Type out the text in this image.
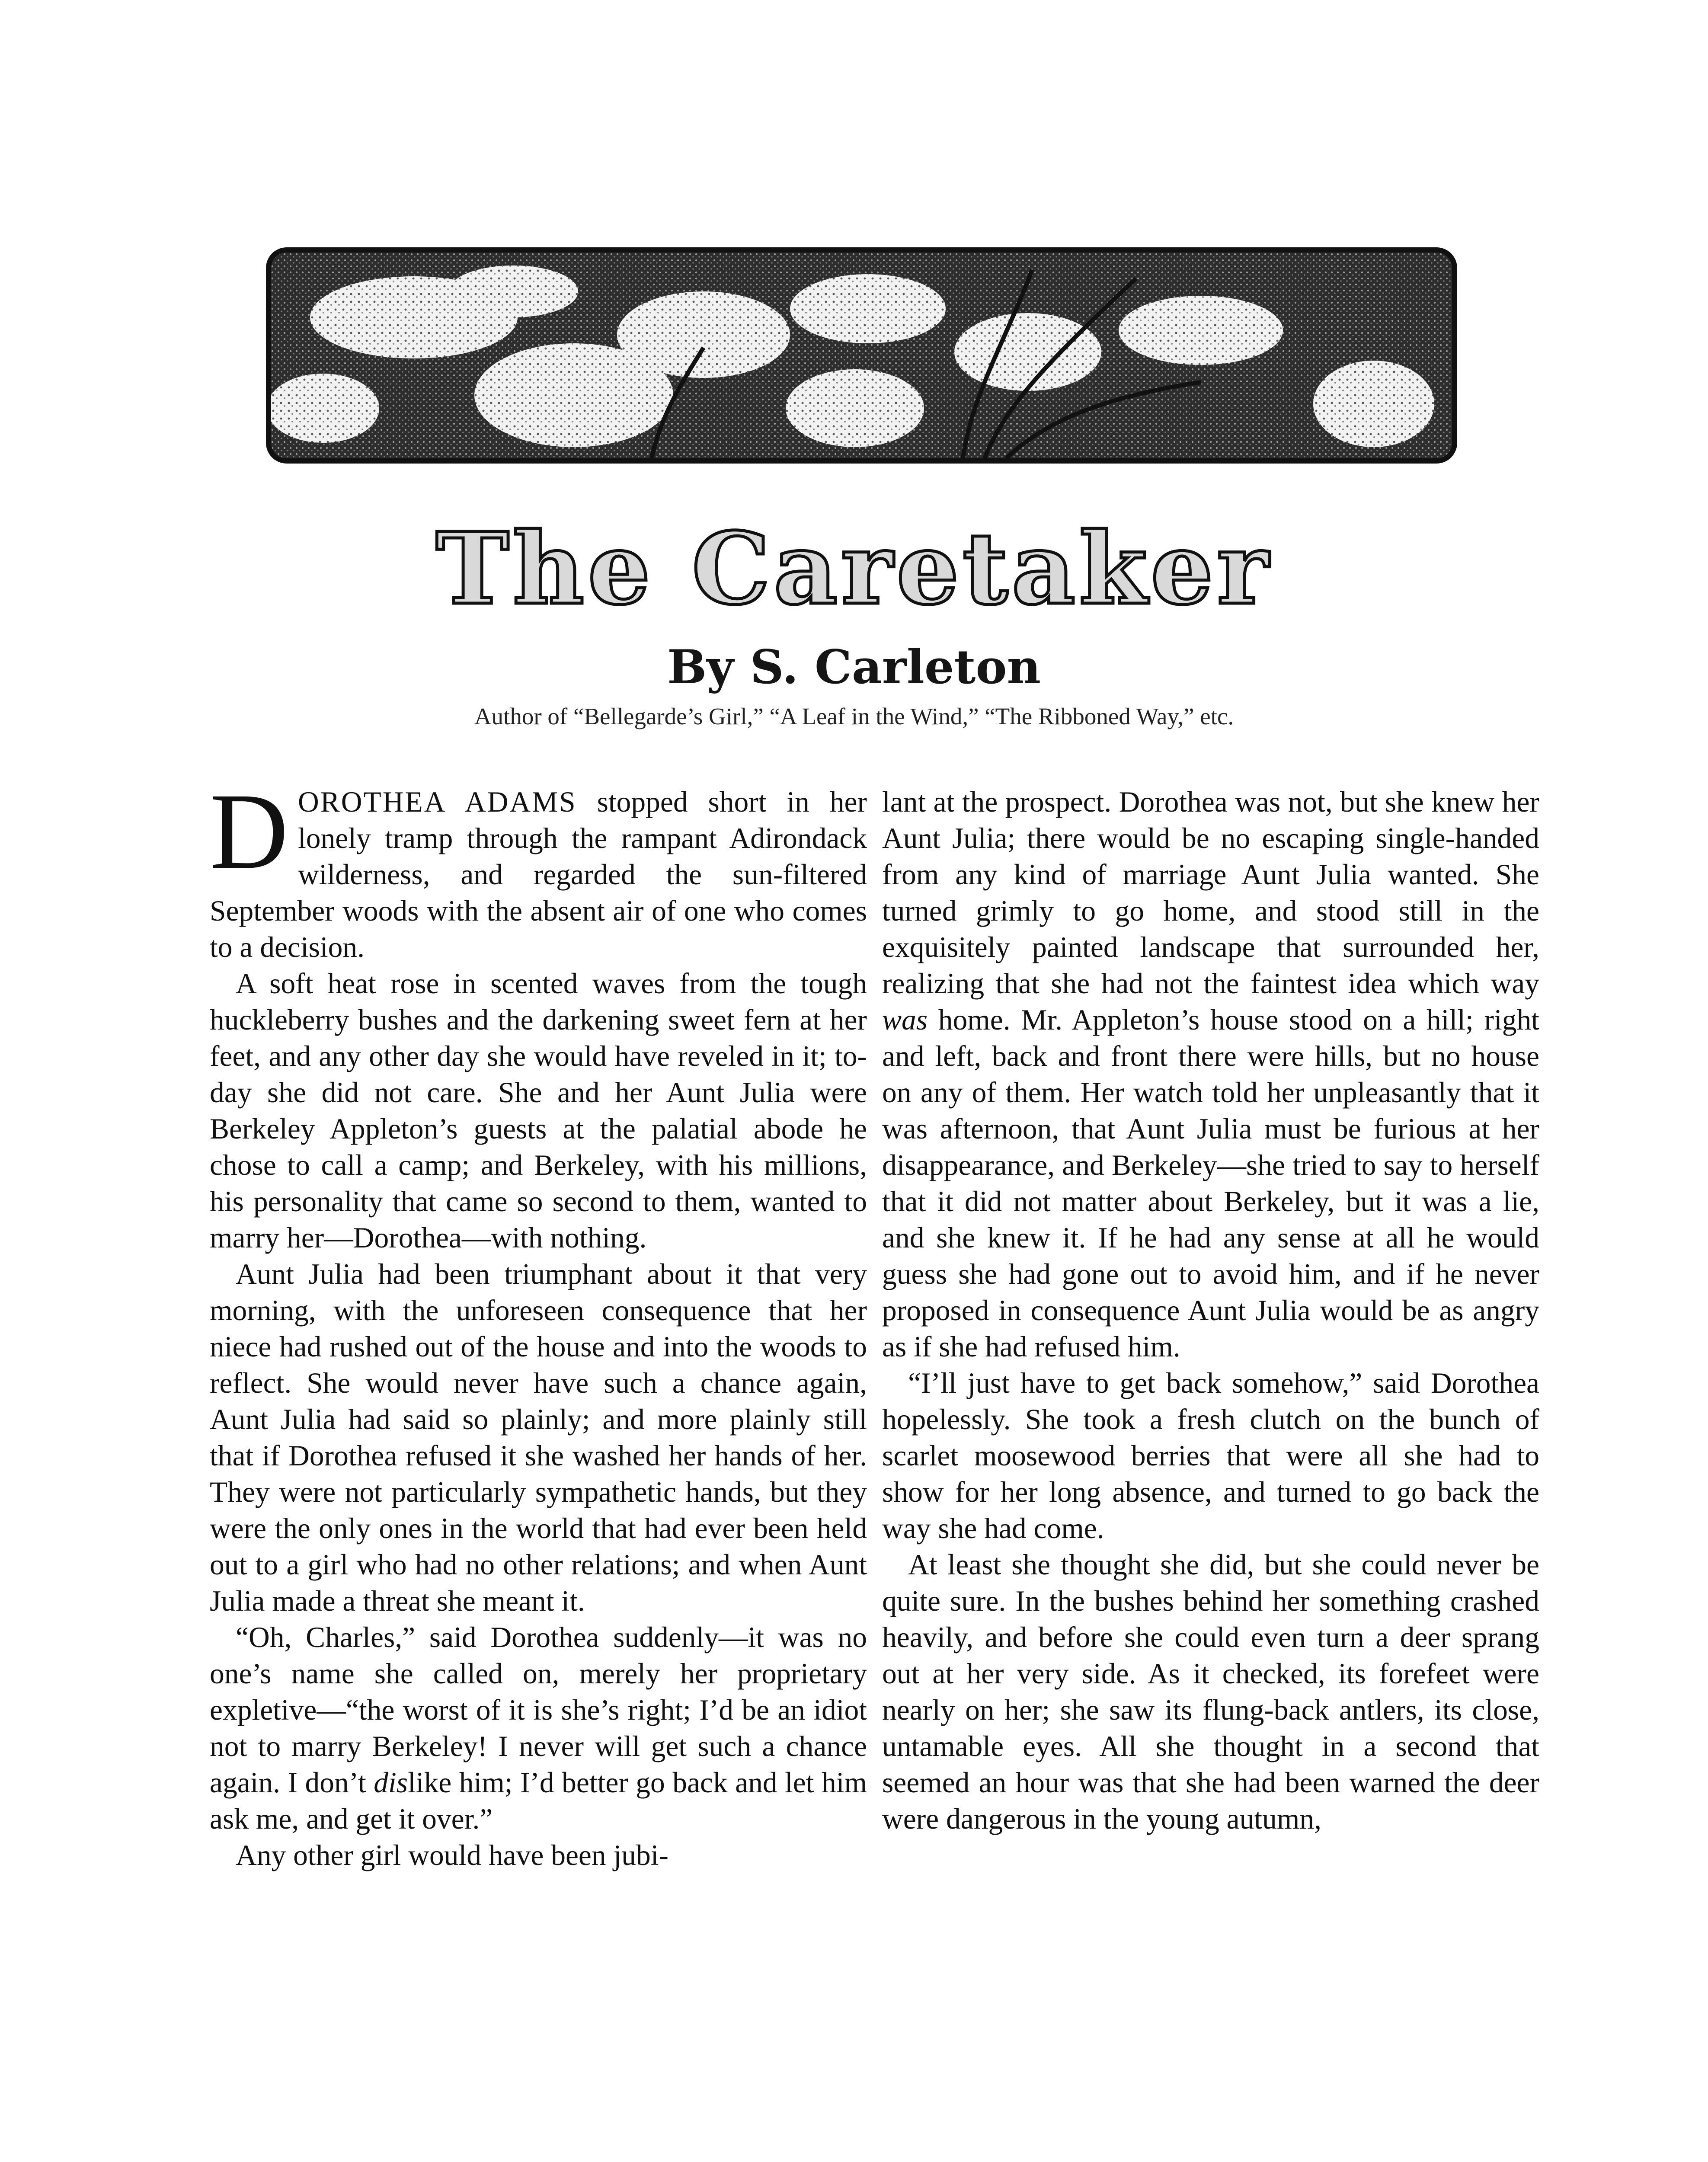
The Caretaker
By S. Carleton
Author of “Bellegarde’s Girl,” “A Leaf in the Wind,” “The Ribboned Way,” etc.

DOROTHEA ADAMS stopped short in her lonely tramp through the rampant Adirondack wilderness, and regarded the sun-filtered September woods with the absent air of one who comes to a decision.

A soft heat rose in scented waves from the tough huckleberry bushes and the darkening sweet fern at her feet, and any other day she would have reveled in it; to-day she did not care. She and her Aunt Julia were Berkeley Appleton’s guests at the palatial abode he chose to call a camp; and Berkeley, with his millions, his personality that came so second to them, wanted to marry her—Dorothea—with nothing.

Aunt Julia had been triumphant about it that very morning, with the unforeseen consequence that her niece had rushed out of the house and into the woods to reflect. She would never have such a chance again, Aunt Julia had said so plainly; and more plainly still that if Dorothea refused it she washed her hands of her. They were not particularly sympathetic hands, but they were the only ones in the world that had ever been held out to a girl who had no other relations; and when Aunt Julia made a threat she meant it.

“Oh, Charles,” said Dorothea suddenly—it was no one’s name she called on, merely her proprietary expletive—“the worst of it is she’s right; I’d be an idiot not to marry Berkeley! I never will get such a chance again. I don’t dislike him; I’d better go back and let him ask me, and get it over.”

Any other girl would have been jubi-

lant at the prospect. Dorothea was not, but she knew her Aunt Julia; there would be no escaping single-handed from any kind of marriage Aunt Julia wanted. She turned grimly to go home, and stood still in the exquisitely painted landscape that surrounded her, realizing that she had not the faintest idea which way was home. Mr. Appleton’s house stood on a hill; right and left, back and front there were hills, but no house on any of them. Her watch told her unpleasantly that it was afternoon, that Aunt Julia must be furious at her disappearance, and Berkeley—she tried to say to herself that it did not matter about Berkeley, but it was a lie, and she knew it. If he had any sense at all he would guess she had gone out to avoid him, and if he never proposed in consequence Aunt Julia would be as angry as if she had refused him.

“I’ll just have to get back somehow,” said Dorothea hopelessly. She took a fresh clutch on the bunch of scarlet moosewood berries that were all she had to show for her long absence, and turned to go back the way she had come.

At least she thought she did, but she could never be quite sure. In the bushes behind her something crashed heavily, and before she could even turn a deer sprang out at her very side. As it checked, its forefeet were nearly on her; she saw its flung-back antlers, its close, untamable eyes. All she thought in a second that seemed an hour was that she had been warned the deer were dangerous in the young autumn,
